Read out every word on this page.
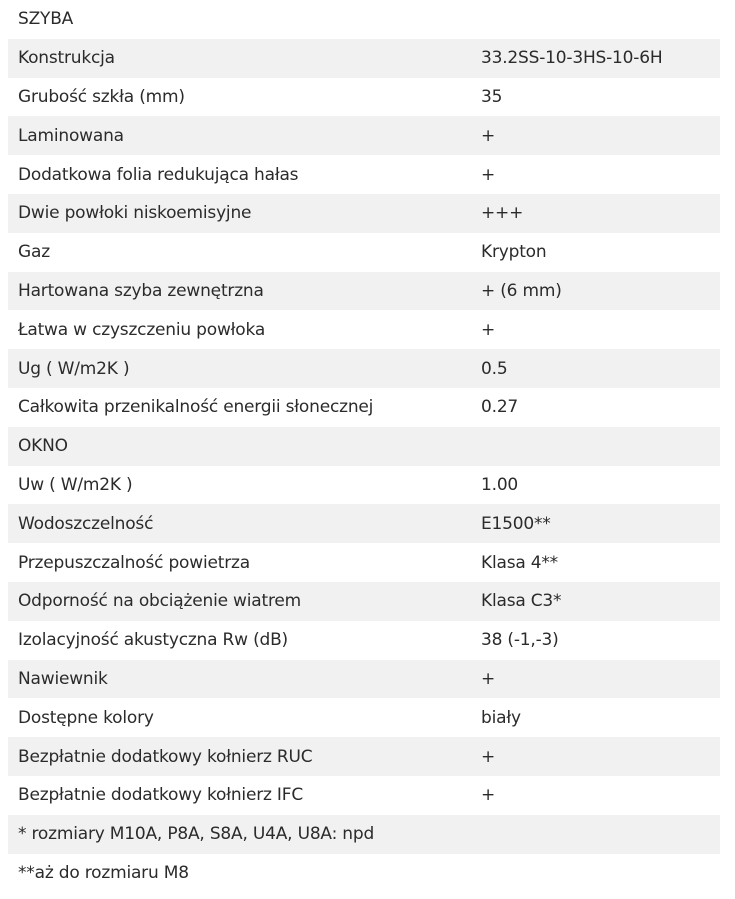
SZYBA
Konstrukcja	33.2SS-10-3HS-10-6H
Grubość szkła (mm)	35
Laminowana	+
Dodatkowa folia redukująca hałas	+
Dwie powłoki niskoemisyjne	+++
Gaz	Krypton
Hartowana szyba zewnętrzna	+ (6 mm)
Łatwa w czyszczeniu powłoka	+
Ug ( W/m2K )	0.5
Całkowita przenikalność energii słonecznej	0.27
OKNO
Uw ( W/m2K )	1.00
Wodoszczelność	E1500**
Przepuszczalność powietrza	Klasa 4**
Odporność na obciążenie wiatrem	Klasa C3*
Izolacyjność akustyczna Rw (dB)	38 (-1,-3)
Nawiewnik	+
Dostępne kolory	biały
Bezpłatnie dodatkowy kołnierz RUC	+
Bezpłatnie dodatkowy kołnierz IFC	+
* rozmiary M10A, P8A, S8A, U4A, U8A: npd
**aż do rozmiaru M8
